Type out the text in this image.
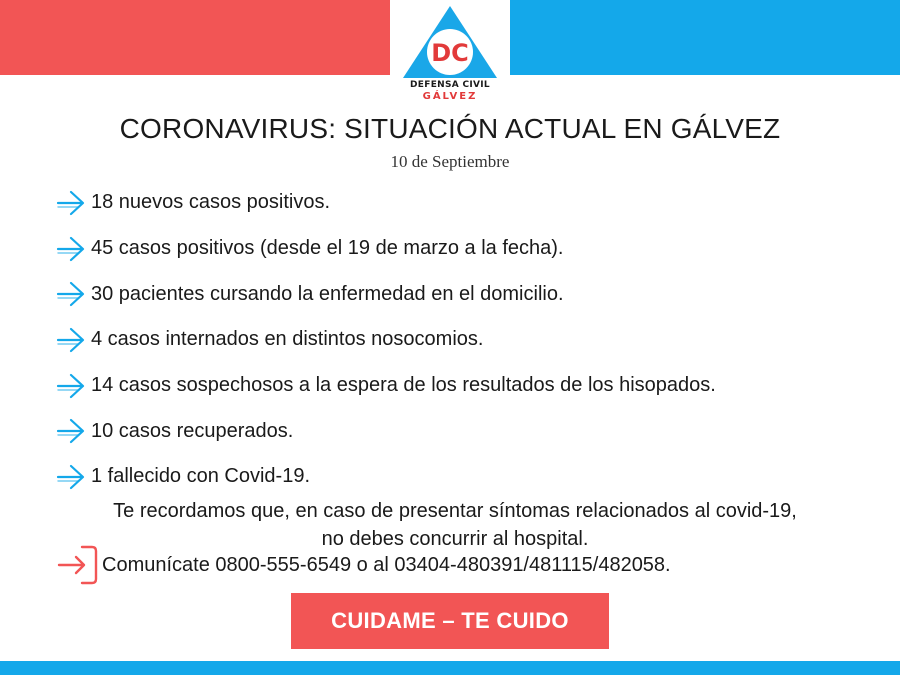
DC
DEFENSA CIVIL
GÁLVEZ
CORONAVIRUS: SITUACIÓN ACTUAL EN GÁLVEZ
10 de Septiembre
18 nuevos casos positivos.
45 casos positivos (desde el 19 de marzo a la fecha).
30 pacientes cursando la enfermedad en el domicilio.
4 casos internados en distintos nosocomios.
14 casos sospechosos a la espera de los resultados de los hisopados.
10 casos recuperados.
1 fallecido con Covid-19.
Te recordamos que, en caso de presentar síntomas relacionados al covid-19, no debes concurrir al hospital.
Comunícate 0800-555-6549 o al 03404-480391/481115/482058.
CUIDAME – TE CUIDO
